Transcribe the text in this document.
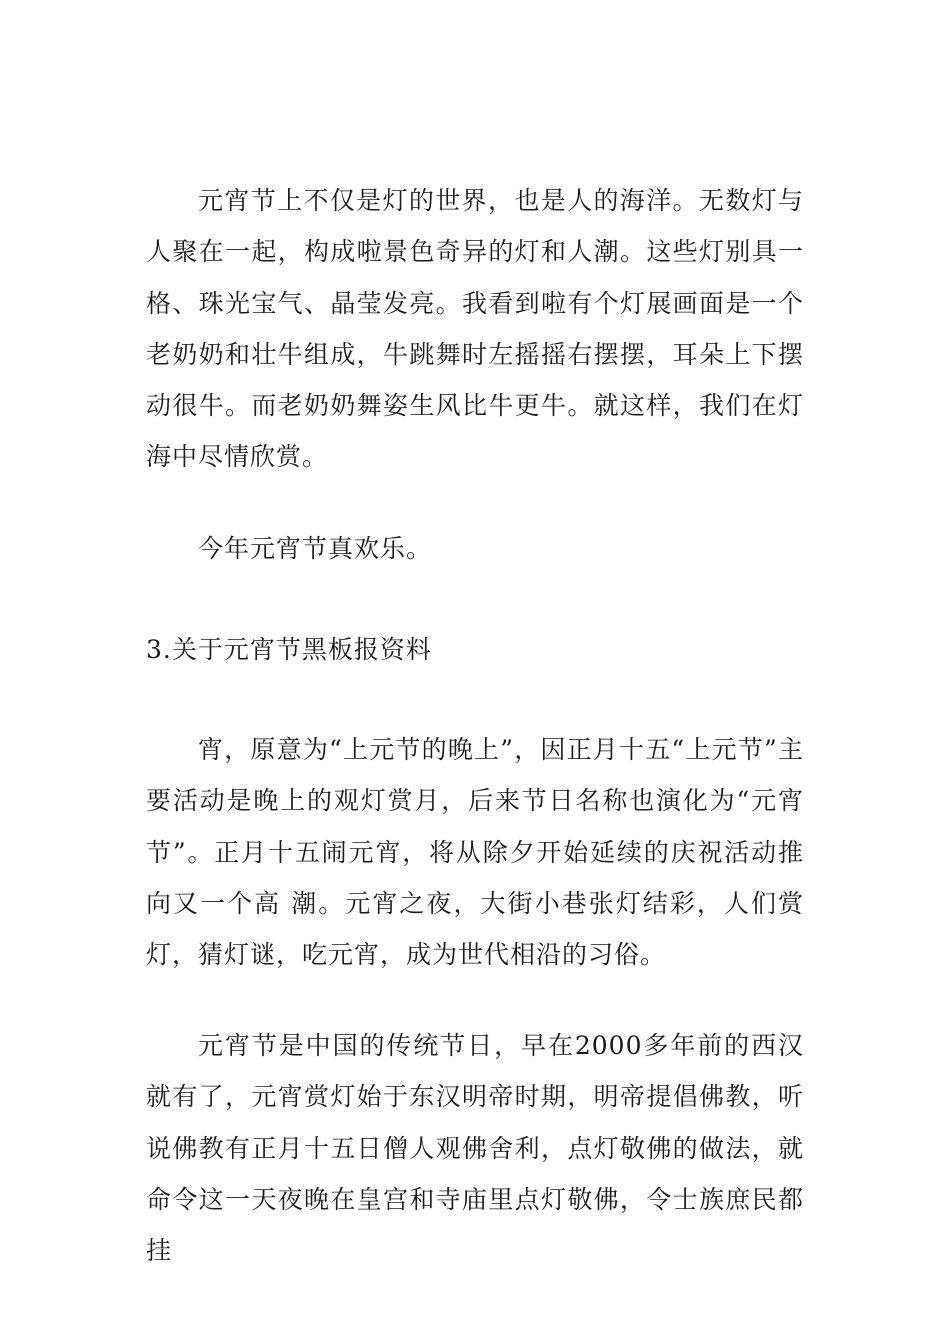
元宵节上不仅是灯的世界，也是人的海洋。无数灯与人聚在一起，构成啦景色奇异的灯和人潮。这些灯别具一格、珠光宝气、晶莹发亮。我看到啦有个灯展画面是一个老奶奶和壮牛组成，牛跳舞时左摇摇右摆摆，耳朵上下摆动很牛。而老奶奶舞姿生风比牛更牛。就这样，我们在灯海中尽情欣赏。

今年元宵节真欢乐。

3.关于元宵节黑板报资料

宵，原意为“上元节的晚上”，因正月十五“上元节”主要活动是晚上的观灯赏月，后来节日名称也演化为“元宵节”。正月十五闹元宵，将从除夕开始延续的庆祝活动推向又一个高 潮。元宵之夜，大街小巷张灯结彩，人们赏灯，猜灯谜，吃元宵，成为世代相沿的习俗。

元宵节是中国的传统节日，早在2000多年前的西汉就有了，元宵赏灯始于东汉明帝时期，明帝提倡佛教，听说佛教有正月十五日僧人观佛舍利，点灯敬佛的做法，就命令这一天夜晚在皇宫和寺庙里点灯敬佛，令士族庶民都挂
